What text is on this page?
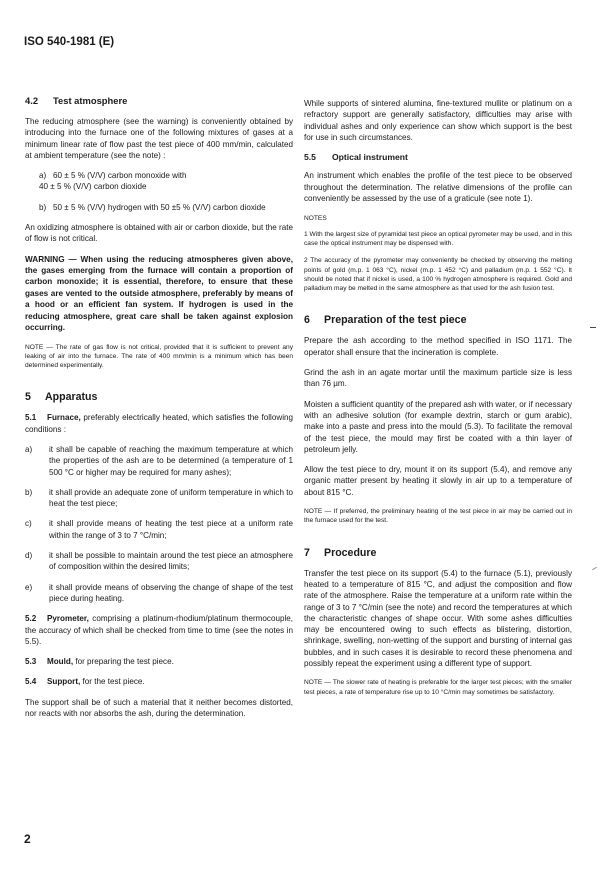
ISO 540-1981 (E)
4.2 Test atmosphere

The reducing atmosphere (see the warning) is conveniently obtained by introducing into the furnace one of the following mixtures of gases at a minimum linear rate of flow past the test piece of 400 mm/min, calculated at ambient temperature (see the note) :

a) 60 ± 5 % (V/V) carbon monoxide with
40 ± 5 % (V/V) carbon dioxide
b) 50 ± 5 % (V/V) hydrogen with 50 ±5 % (V/V) carbon dioxide

An oxidizing atmosphere is obtained with air or carbon dioxide, but the rate of flow is not critical.

WARNING — When using the reducing atmospheres given above, the gases emerging from the furnace will contain a proportion of carbon monoxide; it is essential, therefore, to ensure that these gases are vented to the outside atmosphere, preferably by means of a hood or an efficient fan system. If hydrogen is used in the reducing atmosphere, great care shall be taken against explosion occurring.

NOTE — The rate of gas flow is not critical, provided that it is sufficient to prevent any leaking of air into the furnace. The rate of 400 mm/min is a minimum which has been determined experimentally.

5 Apparatus

5.1 Furnace, preferably electrically heated, which satisfies the following conditions :

a) it shall be capable of reaching the maximum temperature at which the properties of the ash are to be determined (a temperature of 1 500 °C or higher may be required for many ashes);
b) it shall provide an adequate zone of uniform temperature in which to heat the test piece;
c) it shall provide means of heating the test piece at a uniform rate within the range of 3 to 7 °C/min;
d) it shall be possible to maintain around the test piece an atmosphere of composition within the desired limits;
e) it shall provide means of observing the change of shape of the test piece during heating.

5.2 Pyrometer, comprising a platinum-rhodium/platinum thermocouple, the accuracy of which shall be checked from time to time (see the notes in 5.5).

5.3 Mould, for preparing the test piece.

5.4 Support, for the test piece.

The support shall be of such a material that it neither becomes distorted, nor reacts with nor absorbs the ash, during the determination.

While supports of sintered alumina, fine-textured mullite or platinum on a refractory support are generally satisfactory, difficulties may arise with individual ashes and only experience can show which support is the best for use in such circumstances.

5.5 Optical instrument

An instrument which enables the profile of the test piece to be observed throughout the determination. The relative dimensions of the profile can conveniently be assessed by the use of a graticule (see note 1).

NOTES

1 With the largest size of pyramidal test piece an optical pyrometer may be used, and in this case the optical instrument may be dispensed with.

2 The accuracy of the pyrometer may conveniently be checked by observing the melting points of gold (m.p. 1 063 °C), nickel (m.p. 1 452 °C) and palladium (m.p. 1 552 °C). It should be noted that if nickel is used, a 100 % hydrogen atmosphere is required. Gold and palladium may be melted in the same atmosphere as that used for the ash fusion test.

6 Preparation of the test piece

Prepare the ash according to the method specified in ISO 1171. The operator shall ensure that the incineration is complete.

Grind the ash in an agate mortar until the maximum particle size is less than 76 µm.

Moisten a sufficient quantity of the prepared ash with water, or if necessary with an adhesive solution (for example dextrin, starch or gum arabic), make into a paste and press into the mould (5.3). To facilitate the removal of the test piece, the mould may first be coated with a thin layer of petroleum jelly.

Allow the test piece to dry, mount it on its support (5.4), and remove any organic matter present by heating it slowly in air up to a temperature of about 815 °C.

NOTE — If preferred, the preliminary heating of the test piece in air may be carried out in the furnace used for the test.

7 Procedure

Transfer the test piece on its support (5.4) to the furnace (5.1), previously heated to a temperature of 815 °C, and adjust the composition and flow rate of the atmosphere. Raise the temperature at a uniform rate within the range of 3 to 7 °C/min (see the note) and record the temperatures at which the characteristic changes of shape occur. With some ashes difficulties may be encountered owing to such effects as blistering, distortion, shrinkage, swelling, non-wetting of the support and bursting of internal gas bubbles, and in such cases it is desirable to record these phenomena and possibly repeat the experiment using a different type of support.

NOTE — The slower rate of heating is preferable for the larger test pieces; with the smaller test pieces, a rate of temperature rise up to 10 °C/min may sometimes be satisfactory.

2
